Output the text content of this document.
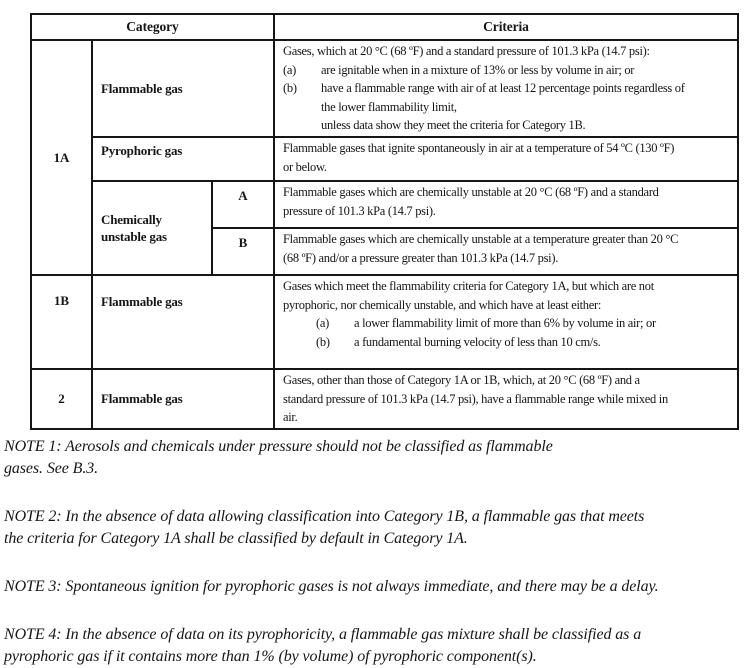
Category			Criteria
1A	Flammable gas	
Gases, which at 20 °C (68 ºF) and a standard pressure of 101.3 kPa (14.7 psi):
(a)	are ignitable when in a mixture of 13% or less by volume in air; or
(b)	have a flammable range with air of at least 12 percentage points regardless of
the lower flammability limit,
unless data show they meet the criteria for Category 1B.

	Pyrophoric gas		Flammable gases that ignite spontaneously in air at a temperature of 54 ºC (130 ºF)
or below.

	Chemically unstable gas	A	Flammable gases which are chemically unstable at 20 °C (68 ºF) and a standard
pressure of 101.3 kPa (14.7 psi).

		B	Flammable gases which are chemically unstable at a temperature greater than 20 °C
(68 ºF) and/or a pressure greater than 101.3 kPa (14.7 psi).

1B	Flammable gas	
Gases which meet the flammability criteria for Category 1A, but which are not
pyrophoric, nor chemically unstable, and which have at least either:
(a)	a lower flammability limit of more than 6% by volume in air; or
(b)	a fundamental burning velocity of less than 10 cm/s.

2	Flammable gas		Gases, other than those of Category 1A or 1B, which, at 20 °C (68 ºF) and a
standard pressure of 101.3 kPa (14.7 psi), have a flammable range while mixed in
air.

NOTE 1: Aerosols and chemicals under pressure should not be classified as flammable
gases. See B.3.

NOTE 2: In the absence of data allowing classification into Category 1B, a flammable gas that meets
the criteria for Category 1A shall be classified by default in Category 1A.

NOTE 3: Spontaneous ignition for pyrophoric gases is not always immediate, and there may be a delay.

NOTE 4: In the absence of data on its pyrophoricity, a flammable gas mixture shall be classified as a
pyrophoric gas if it contains more than 1% (by volume) of pyrophoric component(s).
